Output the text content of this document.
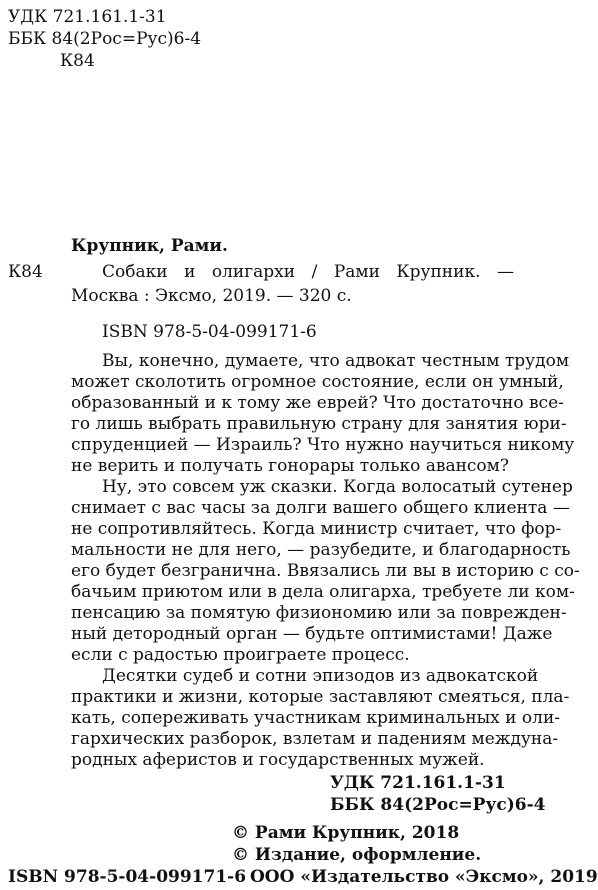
УДК 721.161.1-31
ББК 84(2Рос=Рус)6-4
К84
Крупник, Рами.
К84	Собаки и олигархи / Рами Крупник. —
Москва : Эксмо, 2019. — 320 с.
ISBN 978-5-04-099171-6
Вы, конечно, думаете, что адвокат честным трудом
может сколотить огромное состояние, если он умный,
образованный и к тому же еврей? Что достаточно все-
го лишь выбрать правильную страну для занятия юри-
спруденцией — Израиль? Что нужно научиться никому
не верить и получать гонорары только авансом?
Ну, это совсем уж сказки. Когда волосатый сутенер
снимает с вас часы за долги вашего общего клиента —
не сопротивляйтесь. Когда министр считает, что фор-
мальности не для него, — разубедите, и благодарность
его будет безгранична. Ввязались ли вы в историю с со-
бачьим приютом или в дела олигарха, требуете ли ком-
пенсацию за помятую физиономию или за поврежден-
ный детородный орган — будьте оптимистами! Даже
если с радостью проиграете процесс.
Десятки судеб и сотни эпизодов из адвокатской
практики и жизни, которые заставляют смеяться, пла-
кать, сопереживать участникам криминальных и оли-
гархических разборок, взлетам и падениям междуна-
родных аферистов и государственных мужей.
УДК 721.161.1-31
ББК 84(2Рос=Рус)6-4
© Рами Крупник, 2018
© Издание, оформление.
ООО «Издательство «Эксмо», 2019
ISBN 978-5-04-099171-6
